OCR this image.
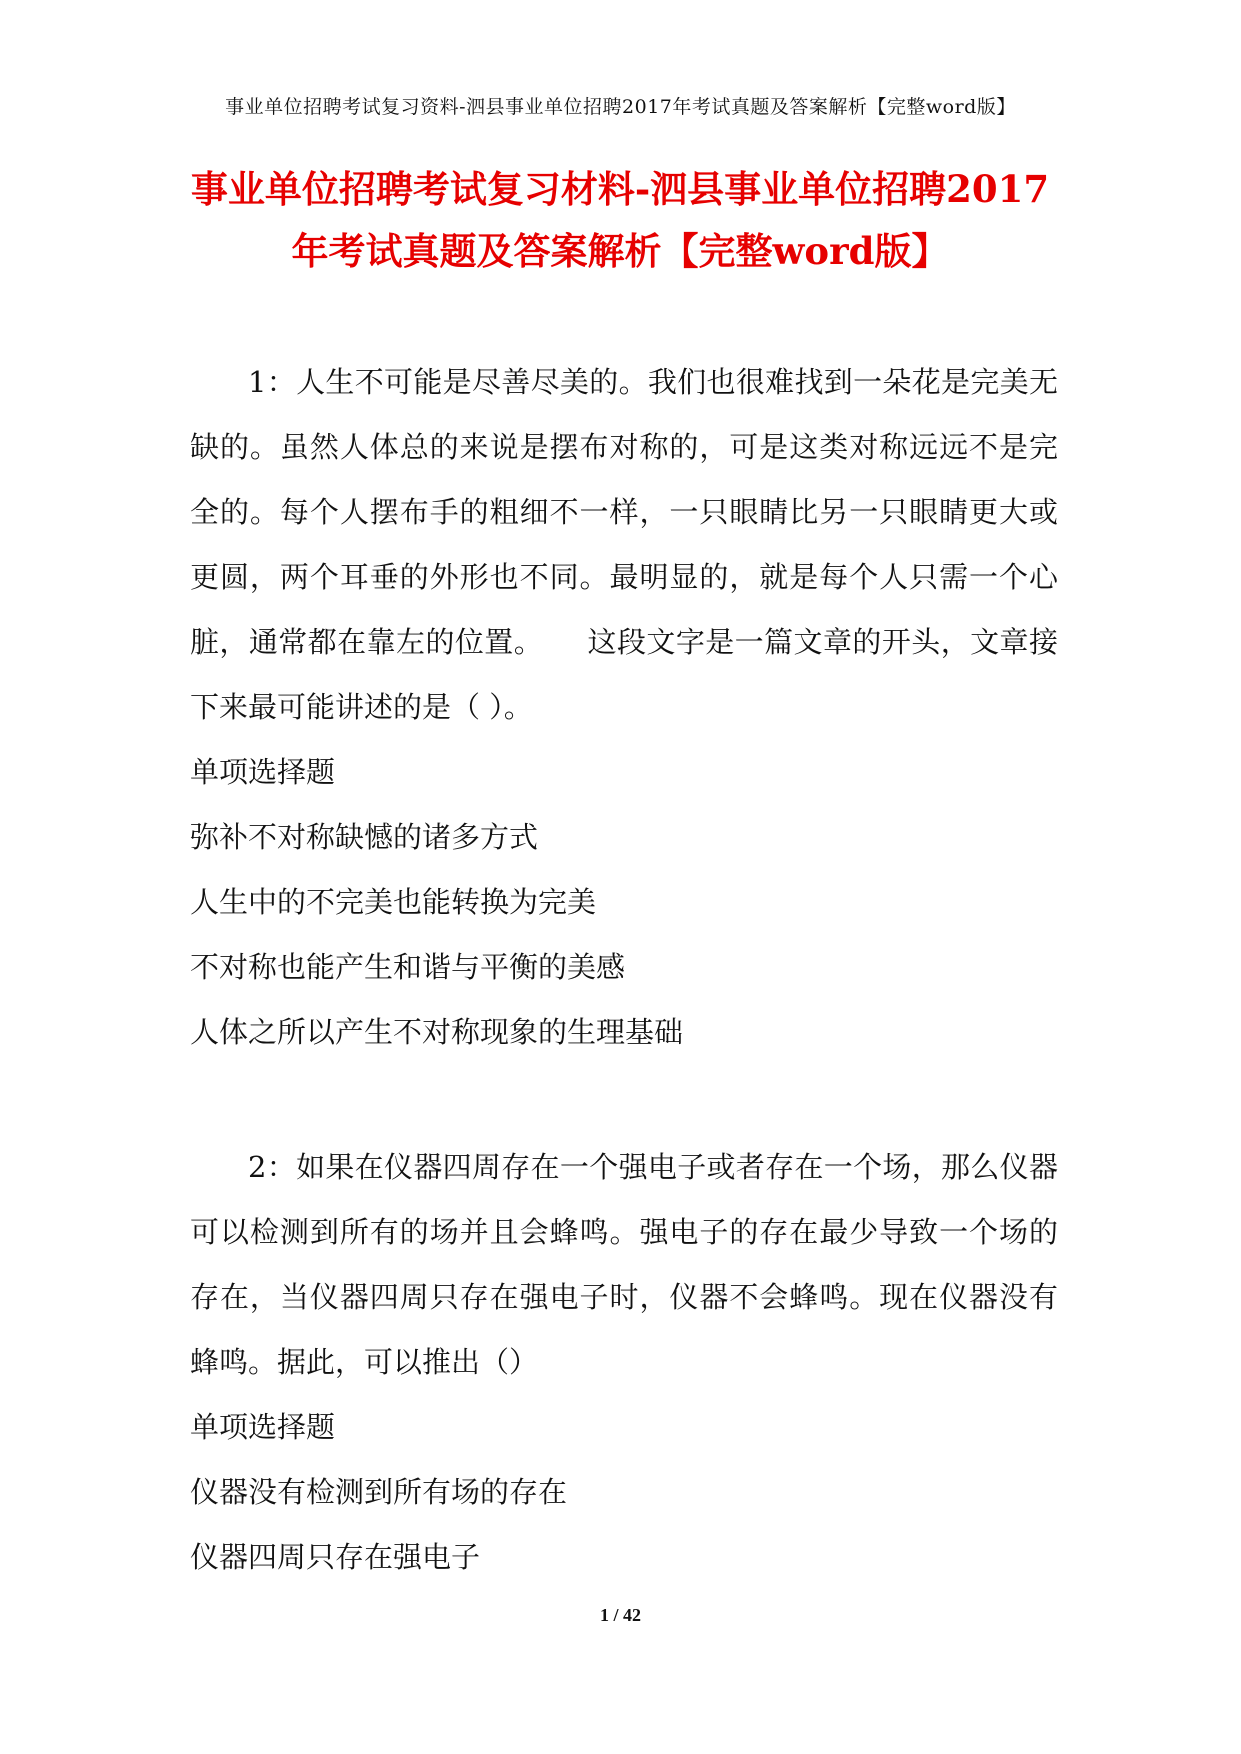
事业单位招聘考试复习资料-泗县事业单位招聘2017年考试真题及答案解析【完整word版】
事业单位招聘考试复习材料-泗县事业单位招聘2017
年考试真题及答案解析【完整word版】

1：人生不可能是尽善尽美的。我们也很难找到一朵花是完美无缺的。虽然人体总的来说是摆布对称的，可是这类对称远远不是完全的。每个人摆布手的粗细不一样，一只眼睛比另一只眼睛更大或更圆，两个耳垂的外形也不同。最明显的，就是每个人只需一个心脏，通常都在靠左的位置。　　这段文字是一篇文章的开头，文章接下来最可能讲述的是（ ）。

单项选择题

弥补不对称缺憾的诸多方式

人生中的不完美也能转换为完美

不对称也能产生和谐与平衡的美感

人体之所以产生不对称现象的生理基础

2：如果在仪器四周存在一个强电子或者存在一个场，那么仪器可以检测到所有的场并且会蜂鸣。强电子的存在最少导致一个场的存在，当仪器四周只存在强电子时，仪器不会蜂鸣。现在仪器没有蜂鸣。据此，可以推出（）

单项选择题

仪器没有检测到所有场的存在

仪器四周只存在强电子

1 / 42
